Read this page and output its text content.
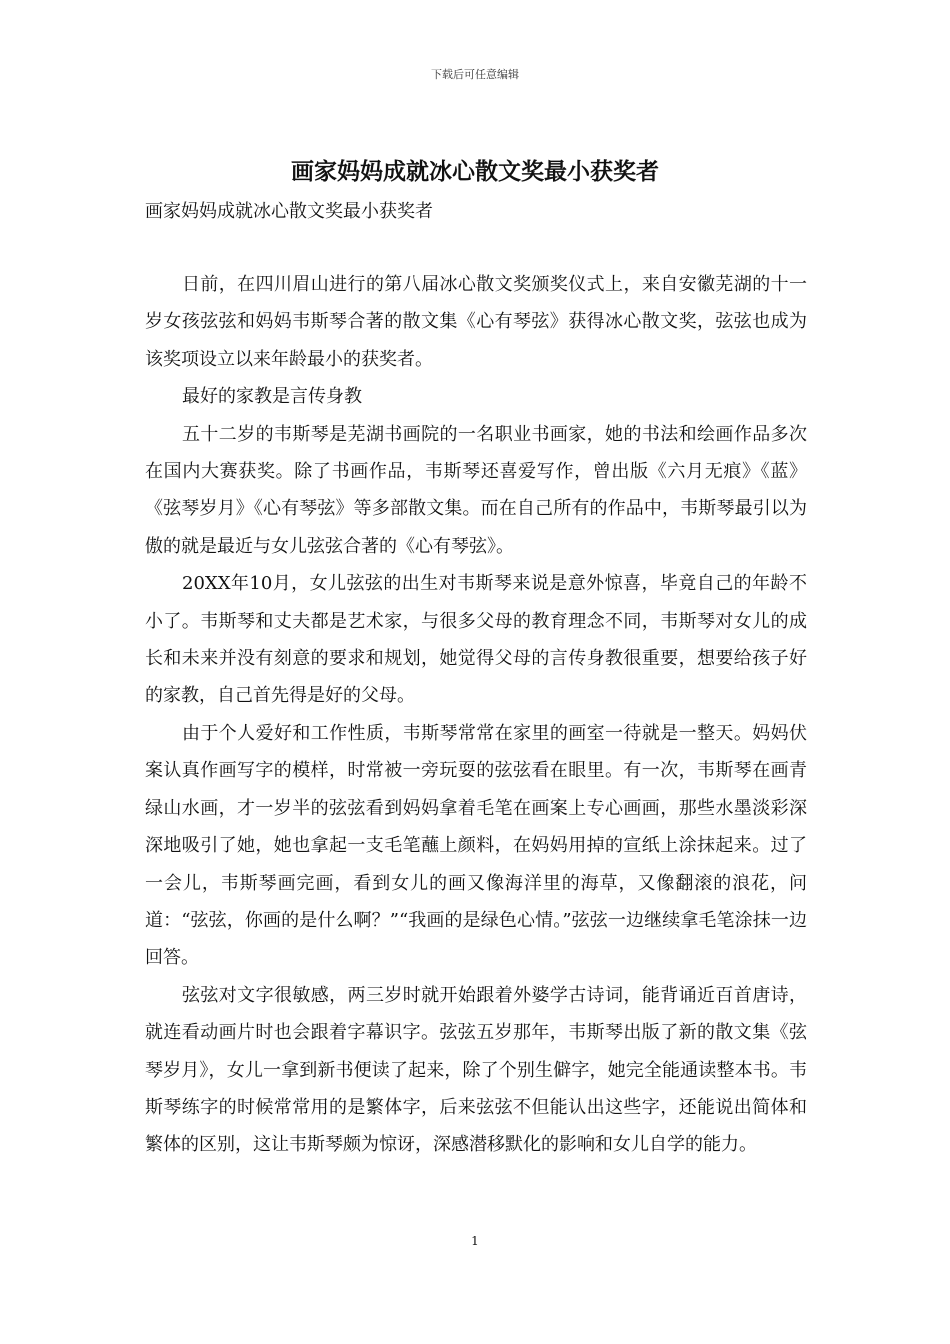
下载后可任意编辑
画家妈妈成就冰心散文奖最小获奖者
画家妈妈成就冰心散文奖最小获奖者

日前，在四川眉山进行的第八届冰心散文奖颁奖仪式上，来自安徽芜湖的十一岁女孩弦弦和妈妈韦斯琴合著的散文集《心有琴弦》获得冰心散文奖，弦弦也成为该奖项设立以来年龄最小的获奖者。

最好的家教是言传身教

五十二岁的韦斯琴是芜湖书画院的一名职业书画家，她的书法和绘画作品多次在国内大赛获奖。除了书画作品，韦斯琴还喜爱写作，曾出版《六月无痕》《蓝》《弦琴岁月》《心有琴弦》等多部散文集。而在自己所有的作品中，韦斯琴最引以为傲的就是最近与女儿弦弦合著的《心有琴弦》。

20XX年10月，女儿弦弦的出生对韦斯琴来说是意外惊喜，毕竟自己的年龄不小了。韦斯琴和丈夫都是艺术家，与很多父母的教育理念不同，韦斯琴对女儿的成长和未来并没有刻意的要求和规划，她觉得父母的言传身教很重要，想要给孩子好的家教，自己首先得是好的父母。

由于个人爱好和工作性质，韦斯琴常常在家里的画室一待就是一整天。妈妈伏案认真作画写字的模样，时常被一旁玩耍的弦弦看在眼里。有一次，韦斯琴在画青绿山水画，才一岁半的弦弦看到妈妈拿着毛笔在画案上专心画画，那些水墨淡彩深深地吸引了她，她也拿起一支毛笔蘸上颜料，在妈妈用掉的宣纸上涂抹起来。过了一会儿，韦斯琴画完画，看到女儿的画又像海洋里的海草，又像翻滚的浪花，问道：“弦弦，你画的是什么啊？”“我画的是绿色心情。”弦弦一边继续拿毛笔涂抹一边回答。

弦弦对文字很敏感，两三岁时就开始跟着外婆学古诗词，能背诵近百首唐诗，就连看动画片时也会跟着字幕识字。弦弦五岁那年，韦斯琴出版了新的散文集《弦琴岁月》，女儿一拿到新书便读了起来，除了个别生僻字，她完全能通读整本书。韦斯琴练字的时候常常用的是繁体字，后来弦弦不但能认出这些字，还能说出简体和繁体的区别，这让韦斯琴颇为惊讶，深感潜移默化的影响和女儿自学的能力。

1
